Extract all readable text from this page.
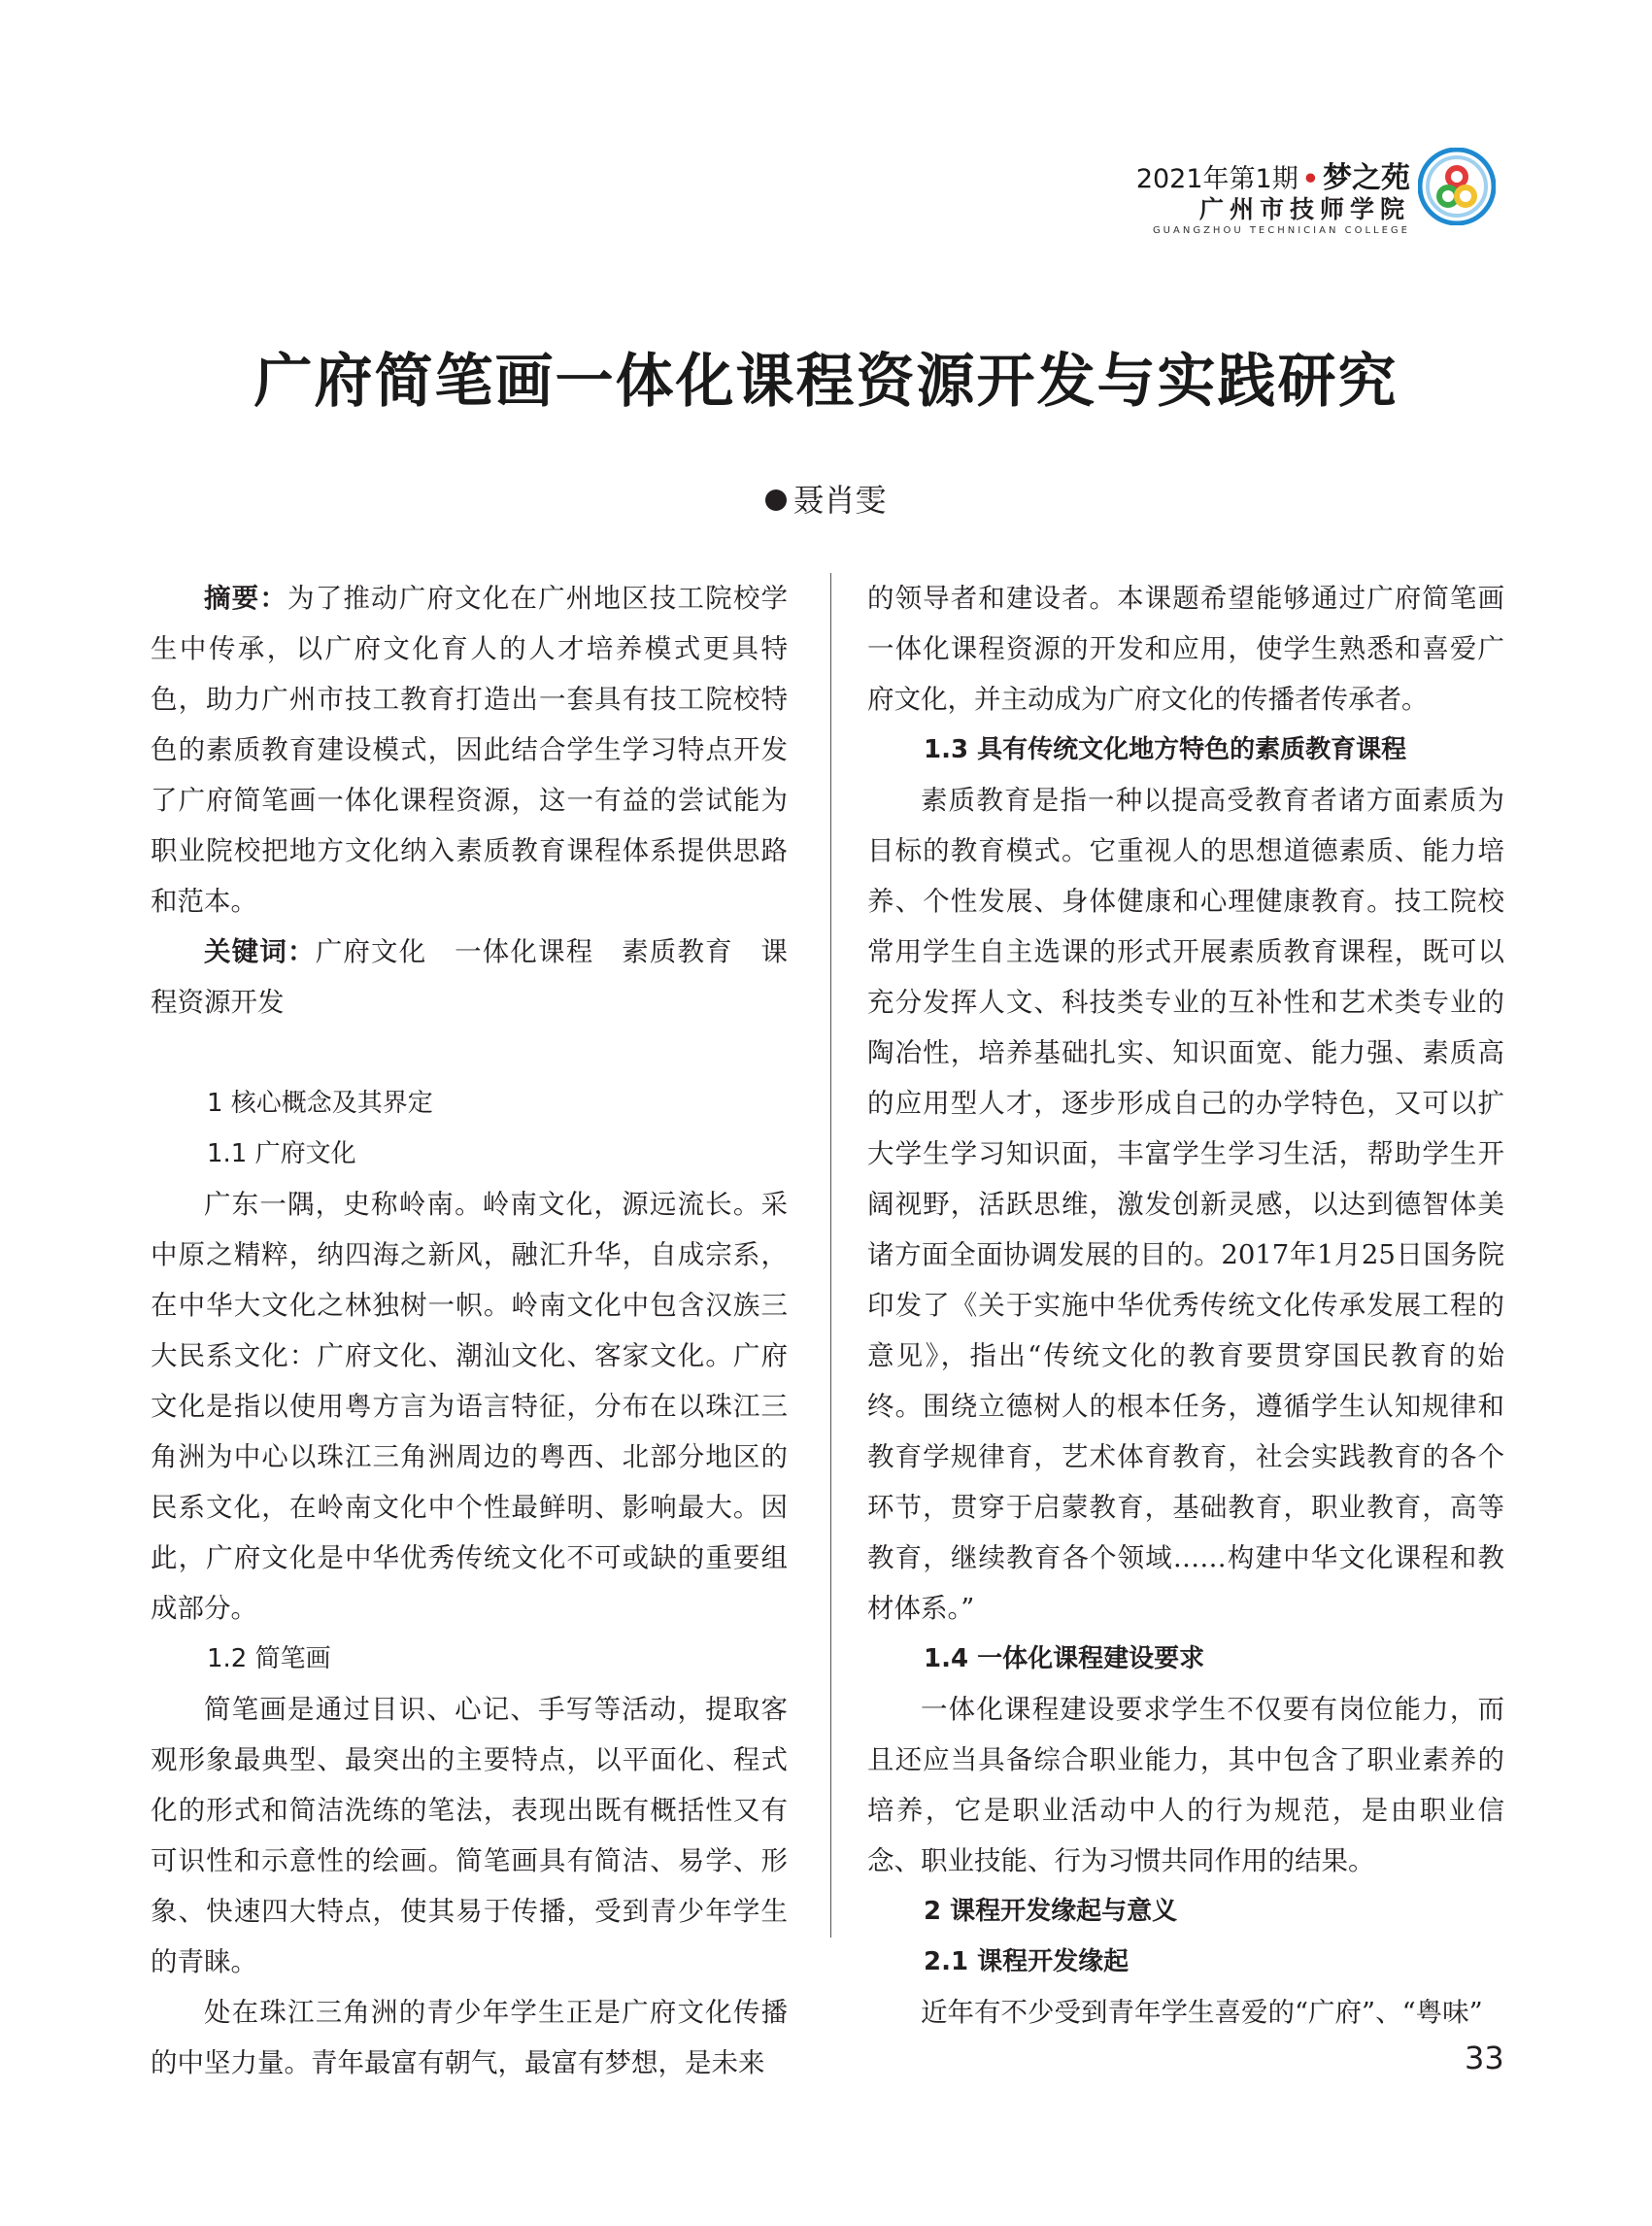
2021年第1期 • 梦之苑
广州市技师学院
GUANGZHOU TECHNICIAN COLLEGE
广府简笔画一体化课程资源开发与实践研究
聂肖雯

摘要：为了推动广府文化在广州地区技工院校学生中传承，以广府文化育人的人才培养模式更具特色，助力广州市技工教育打造出一套具有技工院校特色的素质教育建设模式，因此结合学生学习特点开发了广府简笔画一体化课程资源，这一有益的尝试能为职业院校把地方文化纳入素质教育课程体系提供思路和范本。

关键词：广府文化　一体化课程　素质教育　课程资源开发

1 核心概念及其界定
1.1 广府文化

广东一隅，史称岭南。岭南文化，源远流长。采中原之精粹，纳四海之新风，融汇升华，自成宗系，在中华大文化之林独树一帜。岭南文化中包含汉族三大民系文化：广府文化、潮汕文化、客家文化。广府文化是指以使用粤方言为语言特征，分布在以珠江三角洲为中心以珠江三角洲周边的粤西、北部分地区的民系文化，在岭南文化中个性最鲜明、影响最大。因此，广府文化是中华优秀传统文化不可或缺的重要组成部分。

1.2 简笔画

简笔画是通过目识、心记、手写等活动，提取客观形象最典型、最突出的主要特点，以平面化、程式化的形式和简洁洗练的笔法，表现出既有概括性又有可识性和示意性的绘画。简笔画具有简洁、易学、形象、快速四大特点，使其易于传播，受到青少年学生的青睐。

处在珠江三角洲的青少年学生正是广府文化传播的中坚力量。青年最富有朝气，最富有梦想，是未来

的领导者和建设者。本课题希望能够通过广府简笔画一体化课程资源的开发和应用，使学生熟悉和喜爱广府文化，并主动成为广府文化的传播者传承者。

1.3 具有传统文化地方特色的素质教育课程

素质教育是指一种以提高受教育者诸方面素质为目标的教育模式。它重视人的思想道德素质、能力培养、个性发展、身体健康和心理健康教育。技工院校常用学生自主选课的形式开展素质教育课程，既可以充分发挥人文、科技类专业的互补性和艺术类专业的陶冶性，培养基础扎实、知识面宽、能力强、素质高的应用型人才，逐步形成自己的办学特色，又可以扩大学生学习知识面，丰富学生学习生活，帮助学生开阔视野，活跃思维，激发创新灵感，以达到德智体美诸方面全面协调发展的目的。2017年1月25日国务院印发了《关于实施中华优秀传统文化传承发展工程的意见》，指出“传统文化的教育要贯穿国民教育的始终。围绕立德树人的根本任务，遵循学生认知规律和教育学规律育，艺术体育教育，社会实践教育的各个环节，贯穿于启蒙教育，基础教育，职业教育，高等教育，继续教育各个领域……构建中华文化课程和教材体系。”

1.4 一体化课程建设要求

一体化课程建设要求学生不仅要有岗位能力，而且还应当具备综合职业能力，其中包含了职业素养的培养，它是职业活动中人的行为规范，是由职业信念、职业技能、行为习惯共同作用的结果。

2 课程开发缘起与意义
2.1 课程开发缘起

近年有不少受到青年学生喜爱的“广府”、“粤味”

33
